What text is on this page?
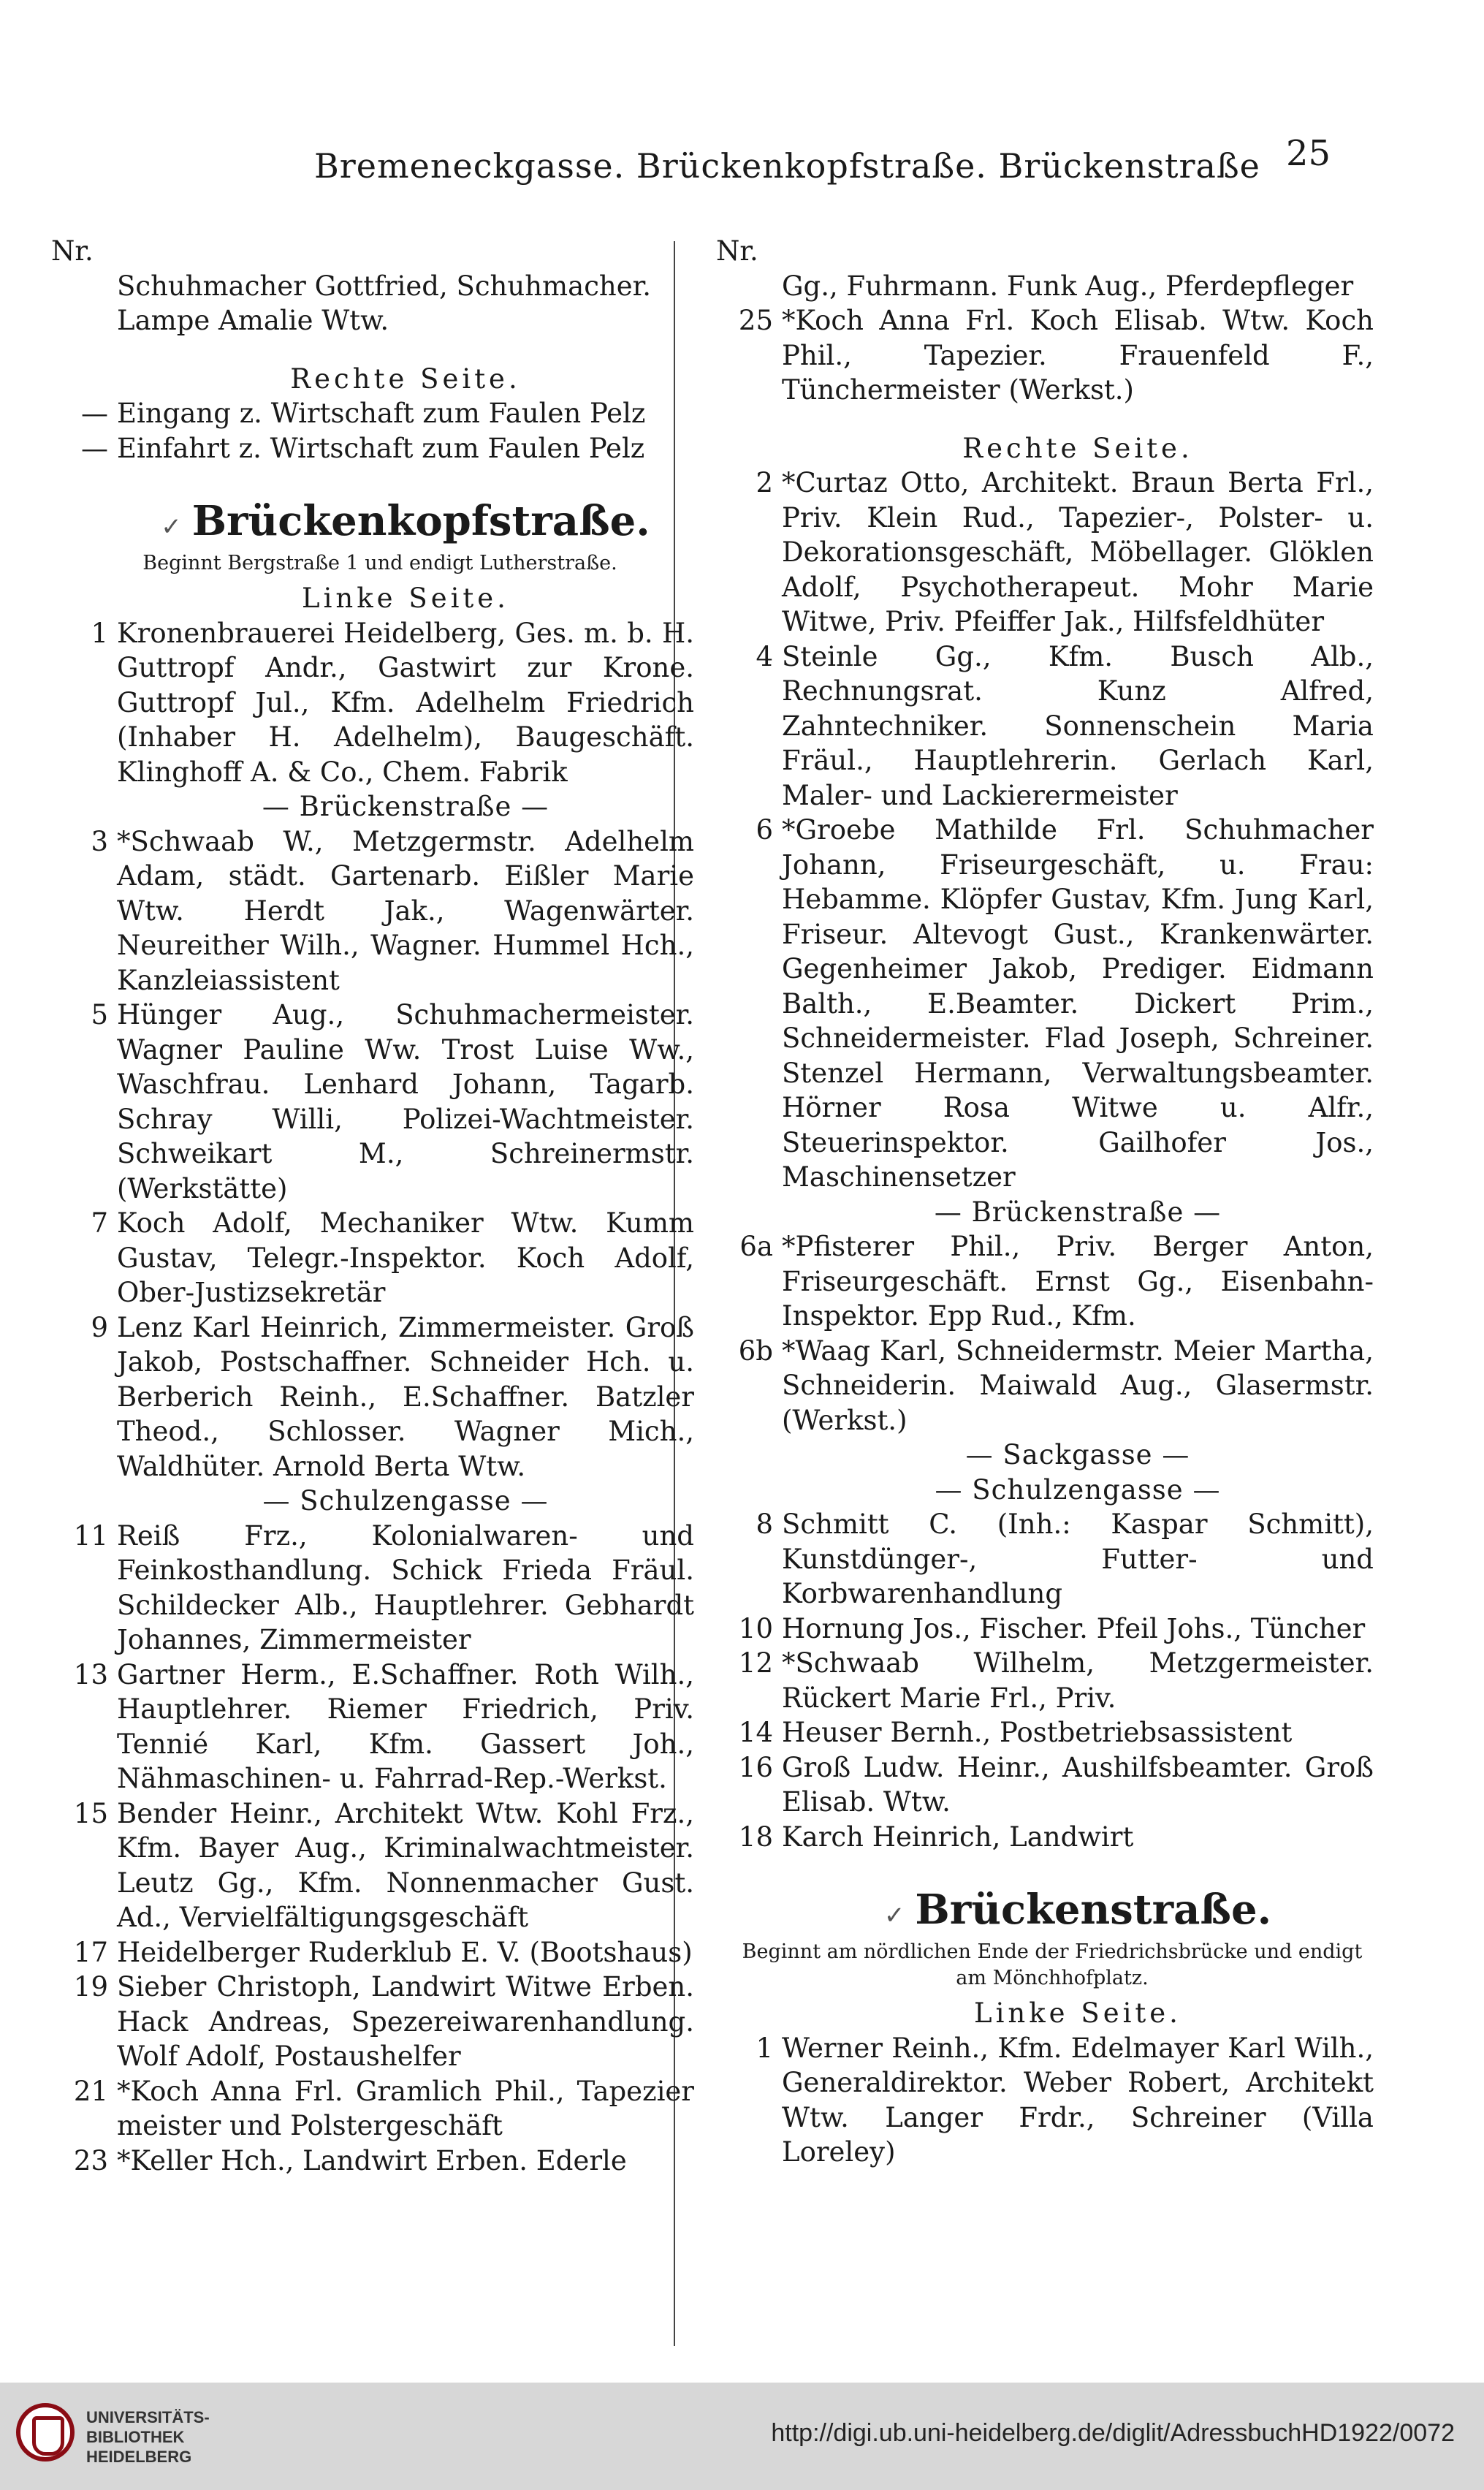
Bremeneckgasse. Brückenkopfstraße. Brückenstraße 25
Nr.
Schuhmacher Gottfried, Schuhmacher.
Lampe Amalie Wtw.
Rechte Seite.
— Eingang z. Wirtschaft zum Faulen Pelz
— Einfahrt z. Wirtschaft zum Faulen Pelz
✓ Brückenkopfstraße.
Beginnt Bergstraße 1 und endigt Lutherstraße.
Linke Seite.
1 Kronenbrauerei Heidelberg, Ges. m. b. H. Guttropf Andr., Gastwirt zur Krone. Guttropf Jul., Kfm. Adelhelm Friedrich (Inhaber H. Adelhelm), Baugeschäft. Klinghoff A. & Co., Chem. Fabrik
— Brückenstraße —
3 *Schwaab W., Metzgermstr. Adelhelm Adam, städt. Gartenarb. Eißler Marie Wtw. Herdt Jak., Wagenwärter. Neureither Wilh., Wagner. Hummel Hch., Kanzleiassistent
5 Hünger Aug., Schuhmachermeister. Wagner Pauline Ww. Trost Luise Ww., Waschfrau. Lenhard Johann, Tagarb. Schray Willi, Polizei-Wachtmeister. Schweikart M., Schreinermstr. (Werkstätte)
7 Koch Adolf, Mechaniker Wtw. Kumm Gustav, Telegr.-Inspektor. Koch Adolf, Ober-Justizsekretär
9 Lenz Karl Heinrich, Zimmermeister. Groß Jakob, Postschaffner. Schneider Hch. u. Berberich Reinh., E.Schaffner. Batzler Theod., Schlosser. Wagner Mich., Waldhüter. Arnold Berta Wtw.
— Schulzengasse —
11 Reiß Frz., Kolonialwaren- und Feinkosthandlung. Schick Frieda Fräul. Schildecker Alb., Hauptlehrer. Gebhardt Johannes, Zimmermeister
13 Gartner Herm., E.Schaffner. Roth Wilh., Hauptlehrer. Riemer Friedrich, Priv. Tennié Karl, Kfm. Gassert Joh., Nähmaschinen- u. Fahrrad-Rep.-Werkst.
15 Bender Heinr., Architekt Wtw. Kohl Frz., Kfm. Bayer Aug., Kriminalwachtmeister. Leutz Gg., Kfm. Nonnenmacher Gust. Ad., Vervielfältigungsgeschäft
17 Heidelberger Ruderklub E. V. (Bootshaus)
19 Sieber Christoph, Landwirt Witwe Erben. Hack Andreas, Spezereiwarenhandlung. Wolf Adolf, Postaushelfer
21 *Koch Anna Frl. Gramlich Phil., Tapezier meister und Polstergeschäft
23 *Keller Hch., Landwirt Erben. Ederle
Nr.
Gg., Fuhrmann. Funk Aug., Pferdepfleger
25 *Koch Anna Frl. Koch Elisab. Wtw. Koch Phil., Tapezier. Frauenfeld F., Tünchermeister (Werkst.)
Rechte Seite.
2 *Curtaz Otto, Architekt. Braun Berta Frl., Priv. Klein Rud., Tapezier-, Polster- u. Dekorationsgeschäft, Möbellager. Glöklen Adolf, Psychotherapeut. Mohr Marie Witwe, Priv. Pfeiffer Jak., Hilfsfeldhüter
4 Steinle Gg., Kfm. Busch Alb., Rechnungsrat. Kunz Alfred, Zahntechniker. Sonnenschein Maria Fräul., Hauptlehrerin. Gerlach Karl, Maler- und Lackierermeister
6 *Groebe Mathilde Frl. Schuhmacher Johann, Friseurgeschäft, u. Frau: Hebamme. Klöpfer Gustav, Kfm. Jung Karl, Friseur. Altevogt Gust., Krankenwärter. Gegenheimer Jakob, Prediger. Eidmann Balth., E.Beamter. Dickert Prim., Schneidermeister. Flad Joseph, Schreiner. Stenzel Hermann, Verwaltungsbeamter. Hörner Rosa Witwe u. Alfr., Steuerinspektor. Gailhofer Jos., Maschinensetzer
— Brückenstraße —
6a *Pfisterer Phil., Priv. Berger Anton, Friseurgeschäft. Ernst Gg., Eisenbahn-Inspektor. Epp Rud., Kfm.
6b *Waag Karl, Schneidermstr. Meier Martha, Schneiderin. Maiwald Aug., Glasermstr. (Werkst.)
— Sackgasse —
— Schulzengasse —
8 Schmitt C. (Inh.: Kaspar Schmitt), Kunstdünger-, Futter- und Korbwarenhandlung
10 Hornung Jos., Fischer. Pfeil Johs., Tüncher
12 *Schwaab Wilhelm, Metzgermeister. Rückert Marie Frl., Priv.
14 Heuser Bernh., Postbetriebsassistent
16 Groß Ludw. Heinr., Aushilfsbeamter. Groß Elisab. Wtw.
18 Karch Heinrich, Landwirt
✓ Brückenstraße.
Beginnt am nördlichen Ende der Friedrichsbrücke und endigt am Mönchhofplatz.
Linke Seite.
1 Werner Reinh., Kfm. Edelmayer Karl Wilh., Generaldirektor. Weber Robert, Architekt Wtw. Langer Frdr., Schreiner (Villa Loreley)
UNIVERSITÄTS-
BIBLIOTHEK
HEIDELBERG
http://digi.ub.uni-heidelberg.de/diglit/AdressbuchHD1922/0072
